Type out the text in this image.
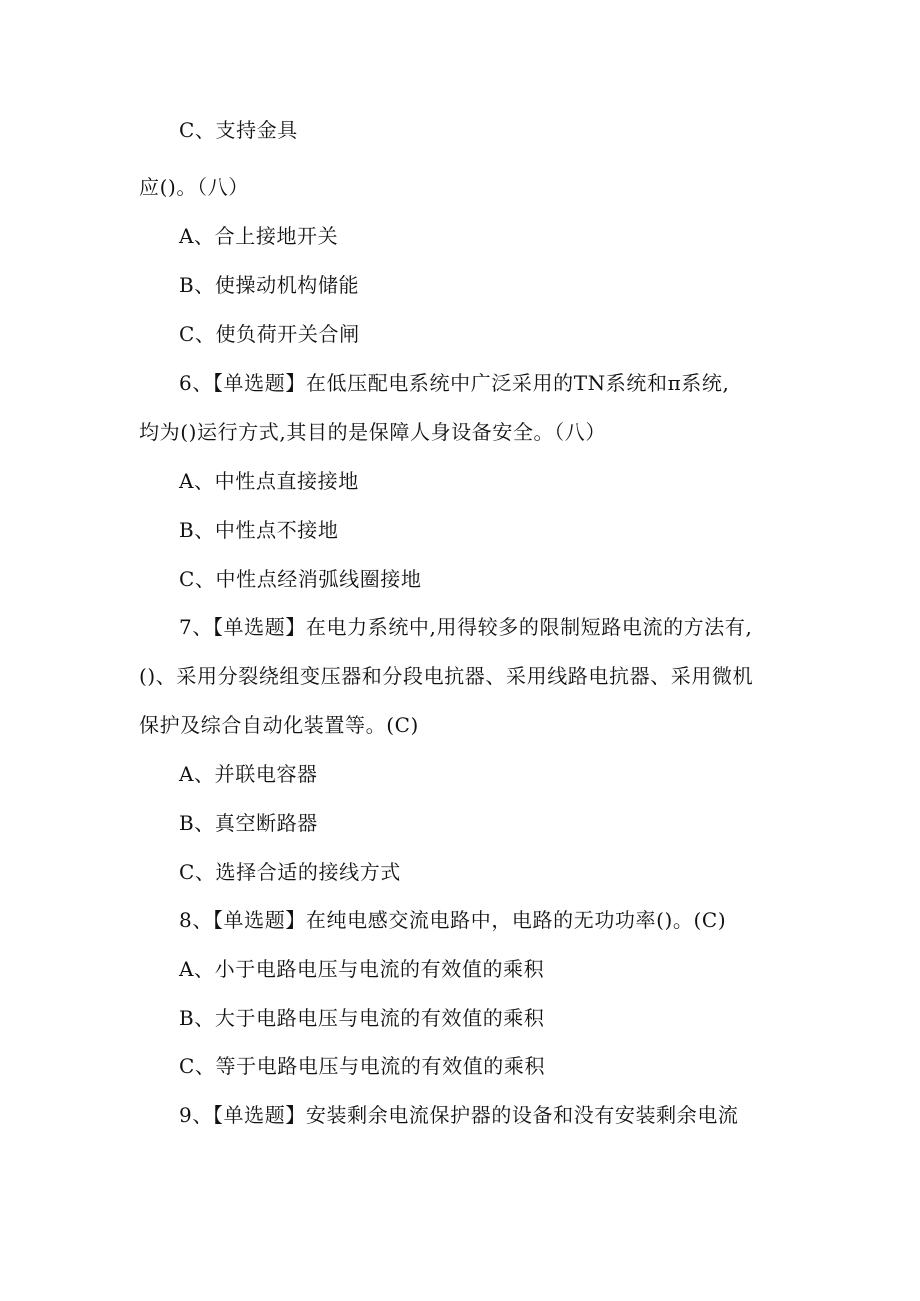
C、支持金具
应()。（八）
A、合上接地开关
B、使操动机构储能
C、使负荷开关合闸
6、【单选题】在低压配电系统中广泛采用的TN系统和π系统,
均为()运行方式,其目的是保障人身设备安全。（八）
A、中性点直接接地
B、中性点不接地
C、中性点经消弧线圈接地
7、【单选题】在电力系统中,用得较多的限制短路电流的方法有,
()、采用分裂绕组变压器和分段电抗器、采用线路电抗器、采用微机
保护及综合自动化装置等。(C)
A、并联电容器
B、真空断路器
C、选择合适的接线方式
8、【单选题】在纯电感交流电路中，电路的无功功率()。(C)
A、小于电路电压与电流的有效值的乘积
B、大于电路电压与电流的有效值的乘积
C、等于电路电压与电流的有效值的乘积
9、【单选题】安装剩余电流保护器的设备和没有安装剩余电流
